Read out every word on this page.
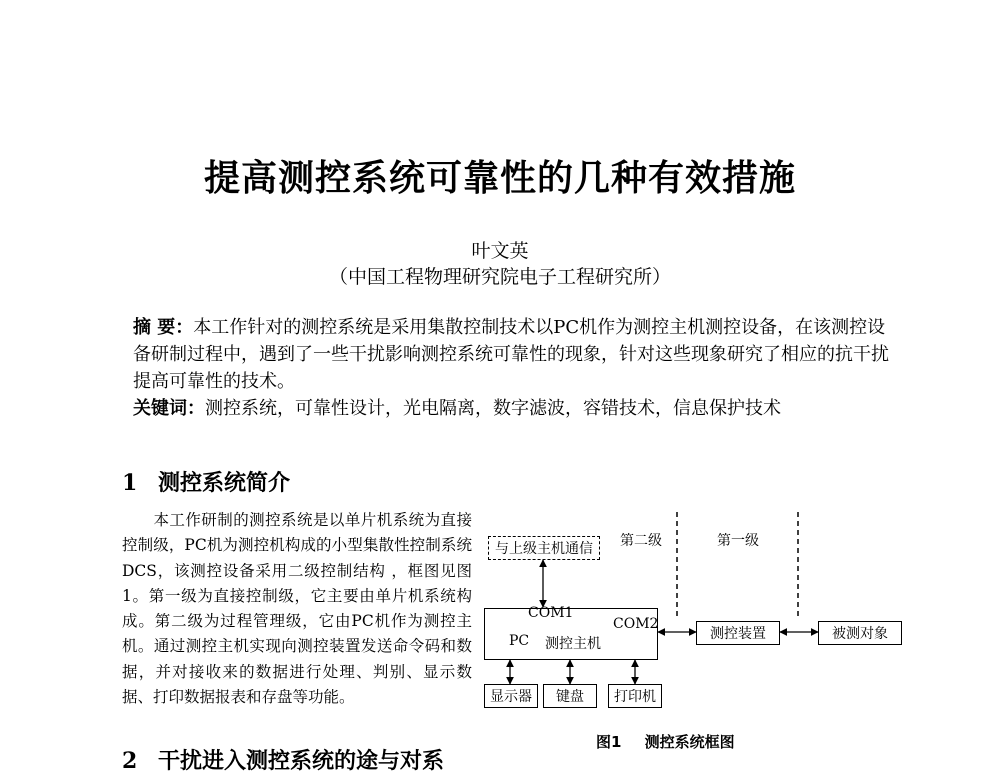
提高测控系统可靠性的几种有效措施
叶文英
（中国工程物理研究院电子工程研究所）

摘 要：本工作针对的测控系统是采用集散控制技术以PC机作为测控主机测控设备，在该测控设备研制过程中，遇到了一些干扰影响测控系统可靠性的现象，针对这些现象研究了相应的抗干扰提高可靠性的技术。
关键词：测控系统，可靠性设计，光电隔离，数字滤波，容错技术，信息保护技术

1 测控系统简介

本工作研制的测控系统是以单片机系统为直接控制级，PC机为测控机构成的小型集散性控制系统DCS，该测控设备采用二级控制结构 ，框图见图1。第一级为直接控制级，它主要由单片机系统构成。第二级为过程管理级，它由PC机作为测控主机。通过测控主机实现向测控装置发送命令码和数据，并对接收来的数据进行处理、判别、显示数据、打印数据报表和存盘等功能。

2 干扰进入测控系统的途与对系
与上级主机通信	第二级	第一级
COM1
COM2
PC 测控主机
测控装置	被测对象
显示器	键盘	打印机
图1 测控系统框图
